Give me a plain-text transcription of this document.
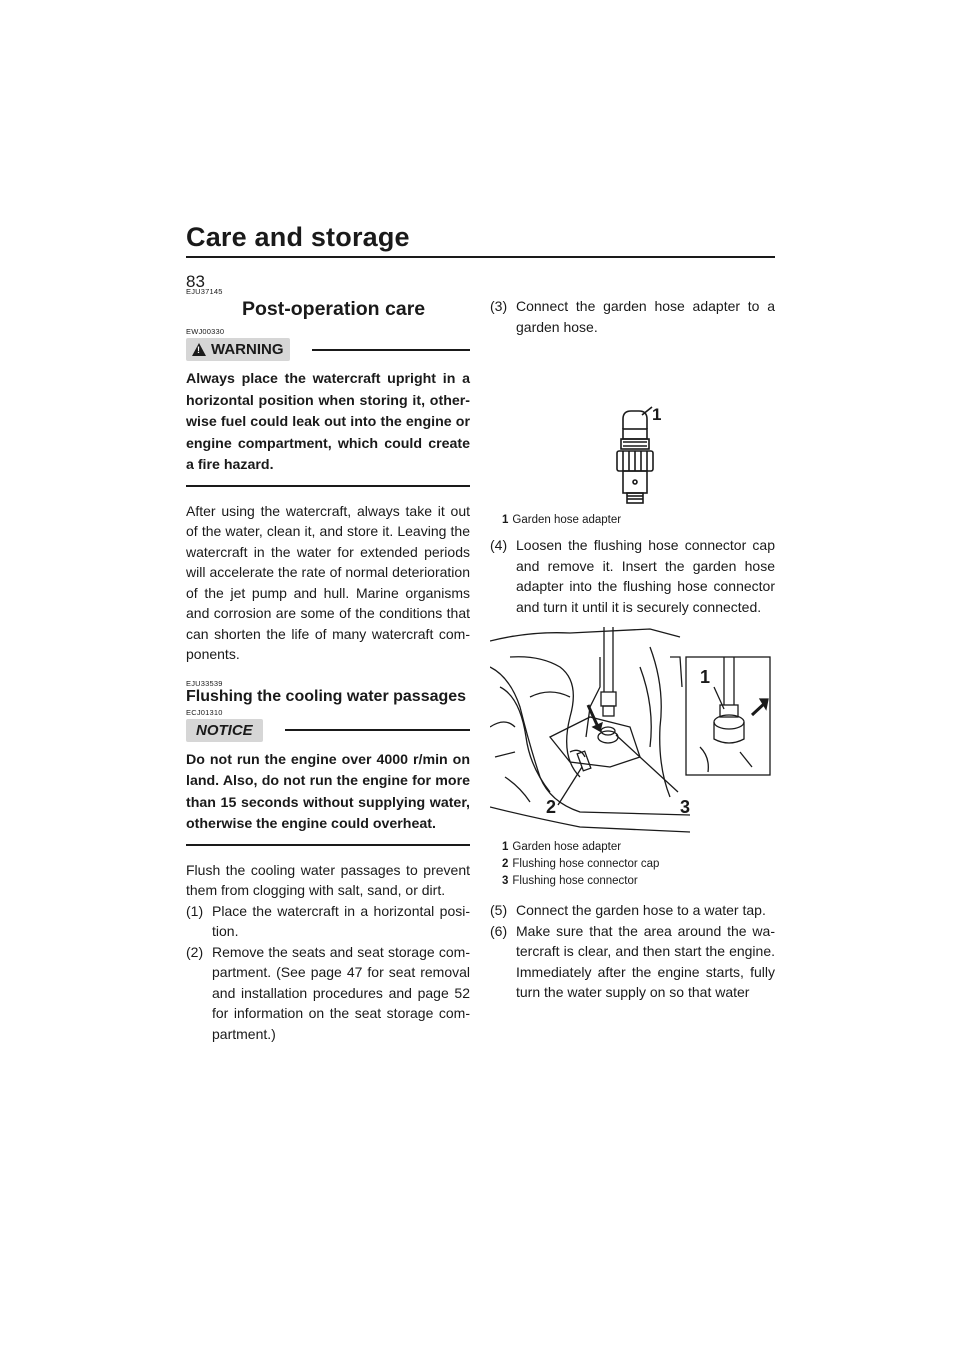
Care and storage
83
EJU37145
Post-operation care
EWJ00330
! WARNING
Always place the watercraft upright in a horizontal position when storing it, other-wise fuel could leak out into the engine or engine compartment, which could create a fire hazard.

After using the watercraft, always take it out of the water, clean it, and store it. Leaving the watercraft in the water for extended periods will accelerate the rate of normal deterioration of the jet pump and hull. Marine organisms and corrosion are some of the conditions that can shorten the life of many watercraft com-ponents.

EJU33539
Flushing the cooling water passages
ECJ01310
NOTICE
Do not run the engine over 4000 r/min on land. Also, do not run the engine for more than 15 seconds without supplying water, otherwise the engine could overheat.

Flush the cooling water passages to prevent them from clogging with salt, sand, or dirt.

(1) Place the watercraft in a horizontal posi-tion.
(2) Remove the seats and seat storage com-partment. (See page 47 for seat removal and installation procedures and page 52 for information on the seat storage com-partment.)
(3) Connect the garden hose adapter to a garden hose.
1
1 Garden hose adapter
(4) Loosen the flushing hose connector cap and remove it. Insert the garden hose adapter into the flushing hose connector and turn it until it is securely connected.
1
2	3
1 Garden hose adapter
2 Flushing hose connector cap
3 Flushing hose connector
(5) Connect the garden hose to a water tap.
(6) Make sure that the area around the wa-tercraft is clear, and then start the engine. Immediately after the engine starts, fully turn the water supply on so that water
